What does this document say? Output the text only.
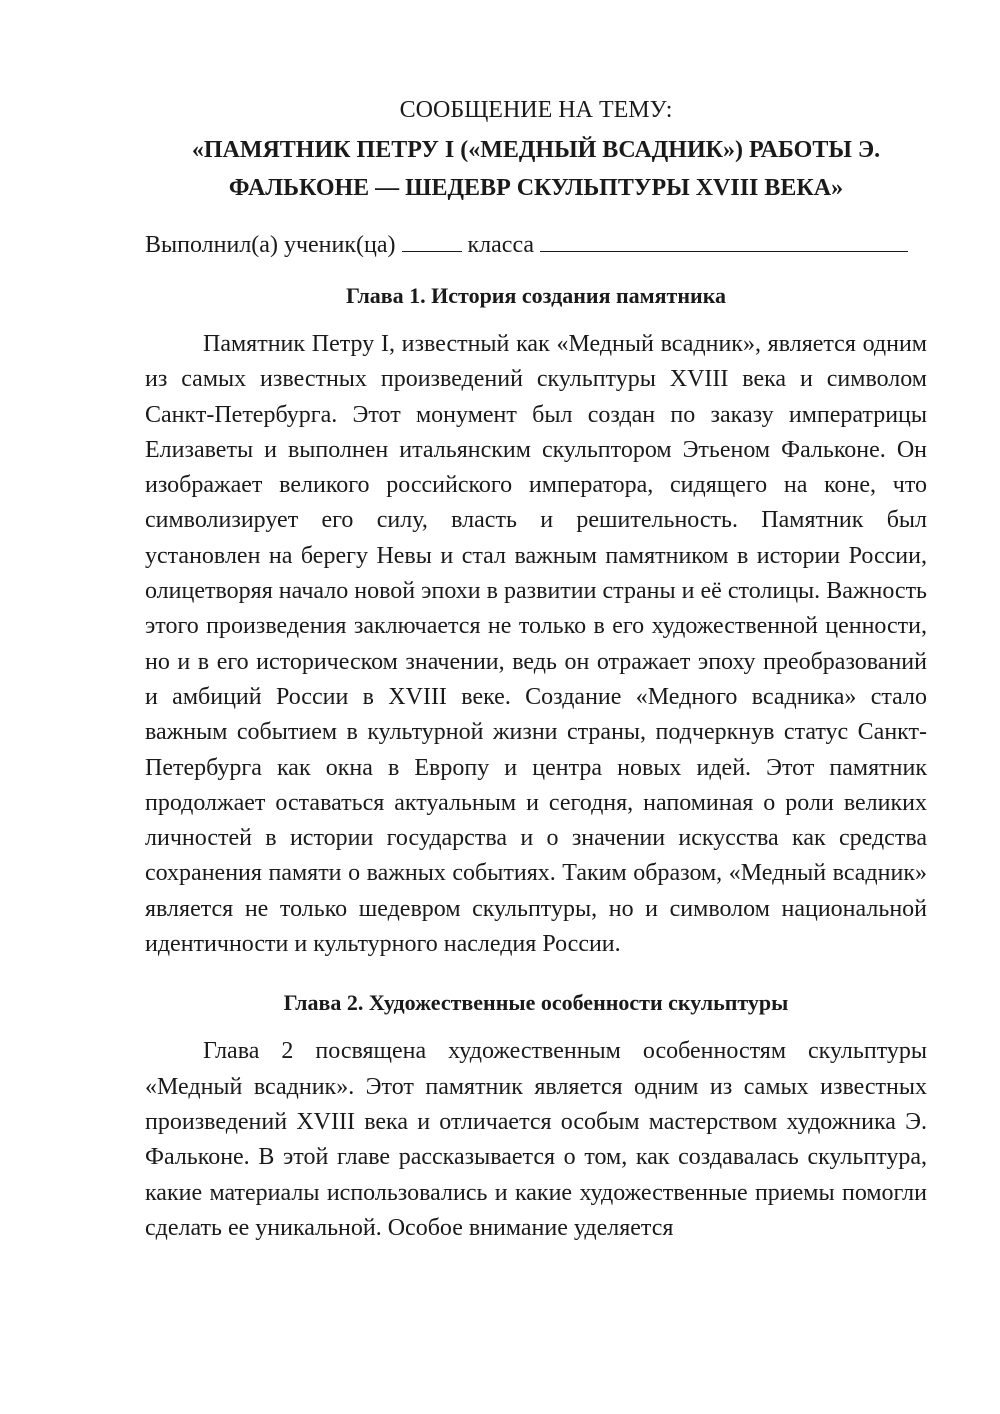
СООБЩЕНИЕ НА ТЕМУ:

«ПАМЯТНИК ПЕТРУ I («МЕДНЫЙ ВСАДНИК») РАБОТЫ Э. ФАЛЬКОНЕ — ШЕДЕВР СКУЛЬПТУРЫ XVIII ВЕКА»

Выполнил(а) ученик(ца)	класса

Глава 1. История создания памятника

Памятник Петру I, известный как «Медный всадник», является одним из самых известных произведений скульптуры XVIII века и символом Санкт-Петербурга. Этот монумент был создан по заказу императрицы Елизаветы и выполнен итальянским скульптором Этьеном Фальконе. Он изображает великого российского императора, сидящего на коне, что символизирует его силу, власть и решительность. Памятник был установлен на берегу Невы и стал важным памятником в истории России, олицетворяя начало новой эпохи в развитии страны и её столицы. Важность этого произведения заключается не только в его художественной ценности, но и в его историческом значении, ведь он отражает эпоху преобразований и амбиций России в XVIII веке. Создание «Медного всадника» стало важным событием в культурной жизни страны, подчеркнув статус Санкт-Петербурга как окна в Европу и центра новых идей. Этот памятник продолжает оставаться актуальным и сегодня, напоминая о роли великих личностей в истории государства и о значении искусства как средства сохранения памяти о важных событиях. Таким образом, «Медный всадник» является не только шедевром скульптуры, но и символом национальной идентичности и культурного наследия России.

Глава 2. Художественные особенности скульптуры

Глава 2 посвящена художественным особенностям скульптуры «Медный всадник». Этот памятник является одним из самых известных произведений XVIII века и отличается особым мастерством художника Э. Фальконе. В этой главе рассказывается о том, как создавалась скульптура, какие материалы использовались и какие художественные приемы помогли сделать ее уникальной. Особое внимание уделяется
